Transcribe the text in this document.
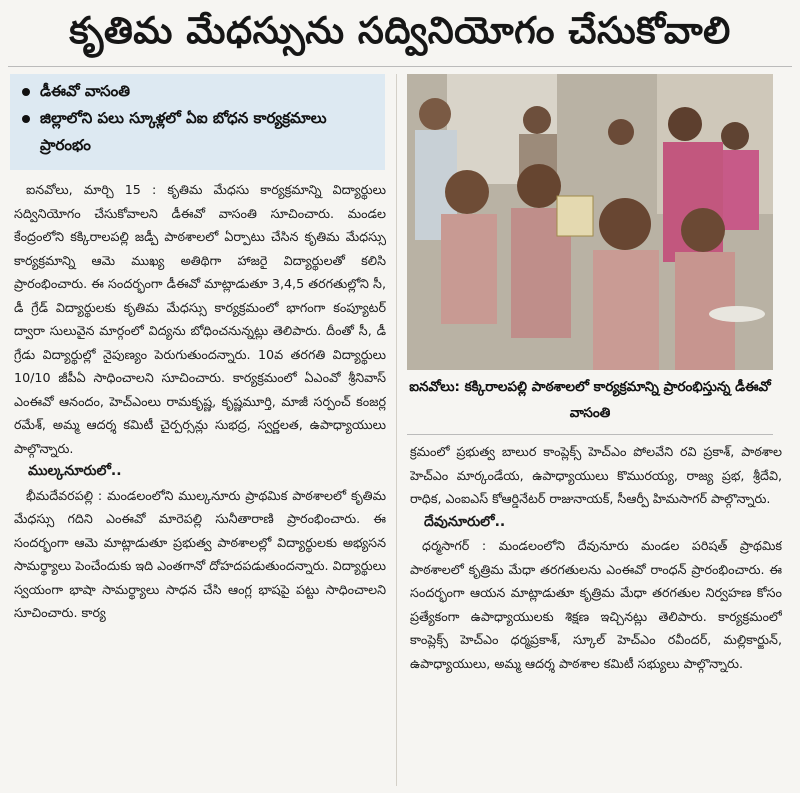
కృతిమ మేధస్సును సద్వినియోగం చేసుకోవాలి
డీఈవో వాసంతి
జిల్లాలోని పలు స్కూళ్లలో ఏఐ బోధన కార్యక్రమాలు ప్రారంభం

ఐనవోలు, మార్చి 15 : కృతిమ మేధసు కార్యక్రమాన్ని విద్యార్థులు సద్వినియోగం చేసుకోవాలని డీఈవో వాసంతి సూచించారు. మండల కేంద్రంలోని కక్కిరాలపల్లి జడ్పీ పాఠశాలలో ఏర్పాటు చేసిన కృతిమ మేధస్సు కార్యక్రమాన్ని ఆమె ముఖ్య అతిథిగా హాజరై విద్యార్థులతో కలిసి ప్రారంభించారు. ఈ సందర్భంగా డీఈవో మాట్లాడుతూ 3,4,5 తరగతుల్లోని సీ, డీ గ్రేడ్ విద్యార్థులకు కృతిమ మేధస్సు కార్యక్రమంలో భాగంగా కంప్యూటర్ ద్వారా సులువైన మార్గంలో విద్యను బోధించనున్నట్లు తెలిపారు. దీంతో సీ, డీ గ్రేడు విద్యార్థుల్లో నైపుణ్యం పెరుగుతుందన్నారు. 10వ తరగతి విద్యార్థులు 10/10 జీపీఏ సాధించాలని సూచించారు. కార్యక్రమంలో ఏఎంవో శ్రీనివాస్ ఎంఈవో ఆనందం, హెచ్ఎంలు రామకృష్ణ, కృష్ణమూర్తి, మాజీ సర్పంచ్ కంజర్ల రమేశ్, అమ్మ ఆదర్శ కమిటీ చైర్పర్సన్లు సుభద్ర, స్వర్ణలత, ఉపాధ్యాయులు పాల్గొన్నారు.

ముల్కనూరులో..

భీమదేవరపల్లి : మండలంలోని ముల్కనూరు ప్రాథమిక పాఠశాలలో కృతిమ మేధస్సు గదిని ఎంఈవో మారెపల్లి సునీతారాణి ప్రారంభించారు. ఈ సందర్భంగా ఆమె మాట్లాడుతూ ప్రభుత్వ పాఠశాలల్లో విద్యార్థులకు అభ్యసన సామర్థ్యాలు పెంచేందుకు ఇది ఎంతగానో దోహదపడుతుందన్నారు. విద్యార్థులు స్వయంగా భాషా సామర్థ్యాలు సాధన చేసి ఆంగ్ల భాషపై పట్టు సాధించాలని సూచించారు. కార్య

ఐనవోలు: కక్కిరాలపల్లి పాఠశాలలో కార్యక్రమాన్ని ప్రారంభిస్తున్న డీఈవో వాసంతి

క్రమంలో ప్రభుత్వ బాలుర కాంప్లెక్స్ హెచ్ఎం పోలవేని రవి ప్రకాశ్, పాఠశాల హెచ్ఎం మార్కండేయ, ఉపాధ్యాయులు కొమురయ్య, రాజ్య ప్రభ, శ్రీదేవి, రాధిక, ఎంఐఎస్ కోఆర్డినేటర్ రాజునాయక్, సీఆర్పీ హిమసాగర్ పాల్గొన్నారు.

దేవునూరులో..

ధర్మసాగర్ : మండలంలోని దేవునూరు మండల పరిషత్ ప్రాథమిక పాఠశాలలో కృత్రిమ మేధా తరగతులను ఎంఈవో రాంధన్ ప్రారంభించారు. ఈ సందర్భంగా ఆయన మాట్లాడుతూ కృత్రిమ మేధా తరగతుల నిర్వహణ కోసం ప్రత్యేకంగా ఉపాధ్యాయులకు శిక్షణ ఇచ్చినట్లు తెలిపారు. కార్యక్రమంలో కాంప్లెక్స్ హెచ్ఎం ధర్మప్రకాశ్, స్కూల్ హెచ్ఎం రవీందర్, మల్లికార్జున్, ఉపాధ్యాయులు, అమ్మ ఆదర్శ పాఠశాల కమిటీ సభ్యులు పాల్గొన్నారు.
